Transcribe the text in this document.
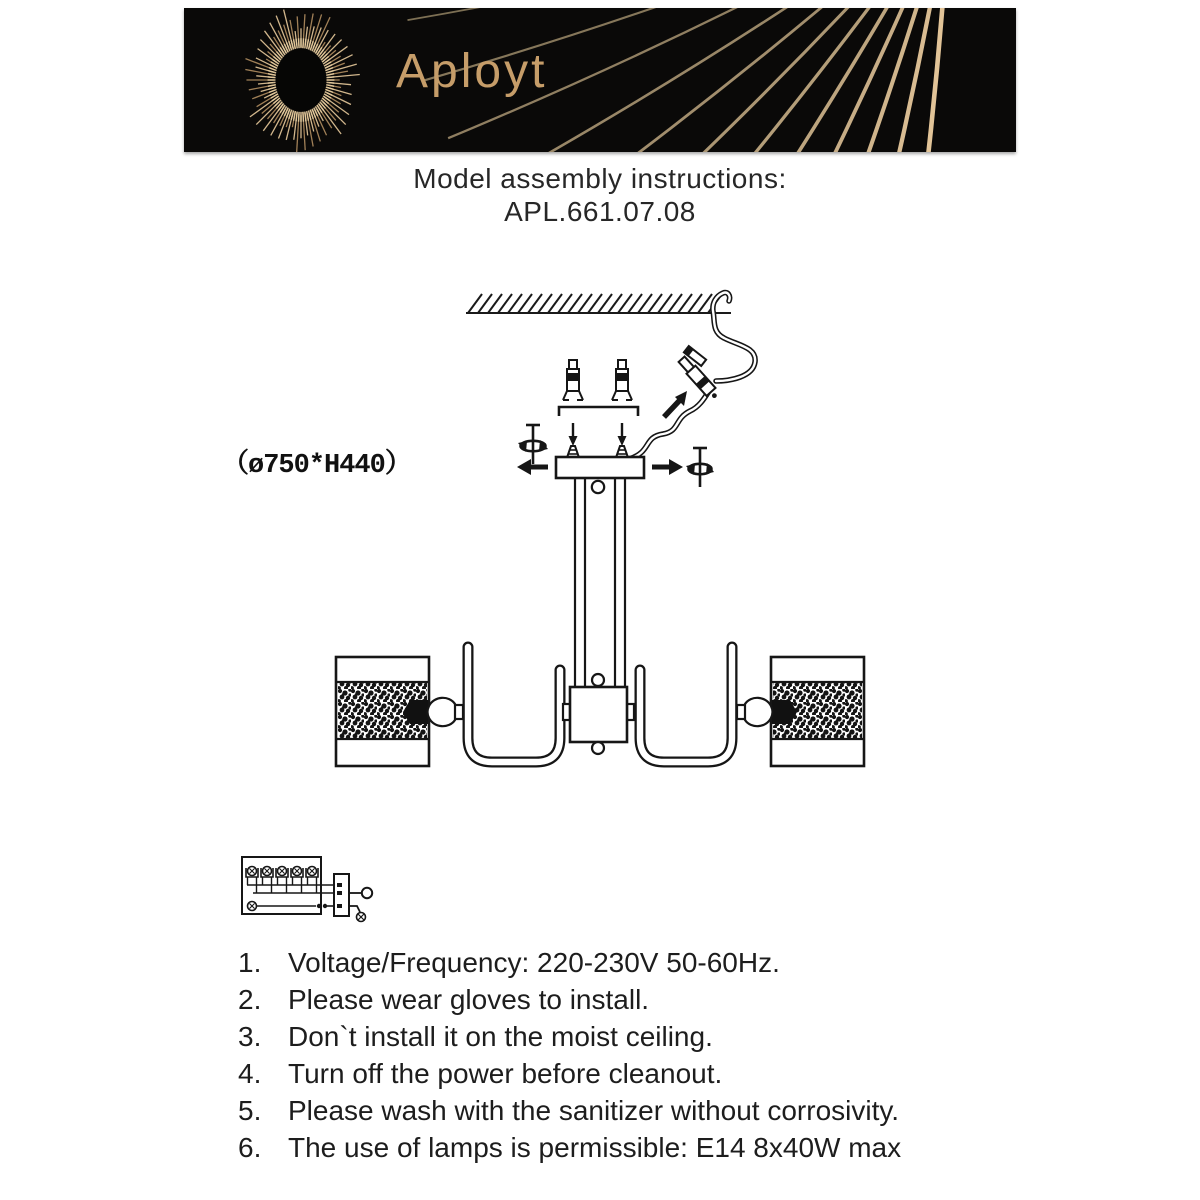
Aployt
Model assembly instructions:
APL.661.07.08
（ø750*H440）
1. Voltage/Frequency: 220-230V 50-60Hz.
2. Please wear gloves to install.
3. Don`t install it on the moist ceiling.
4. Turn off the power before cleanout.
5. Please wash with the sanitizer without corrosivity.
6. The use of lamps is permissible: E14 8x40W max
